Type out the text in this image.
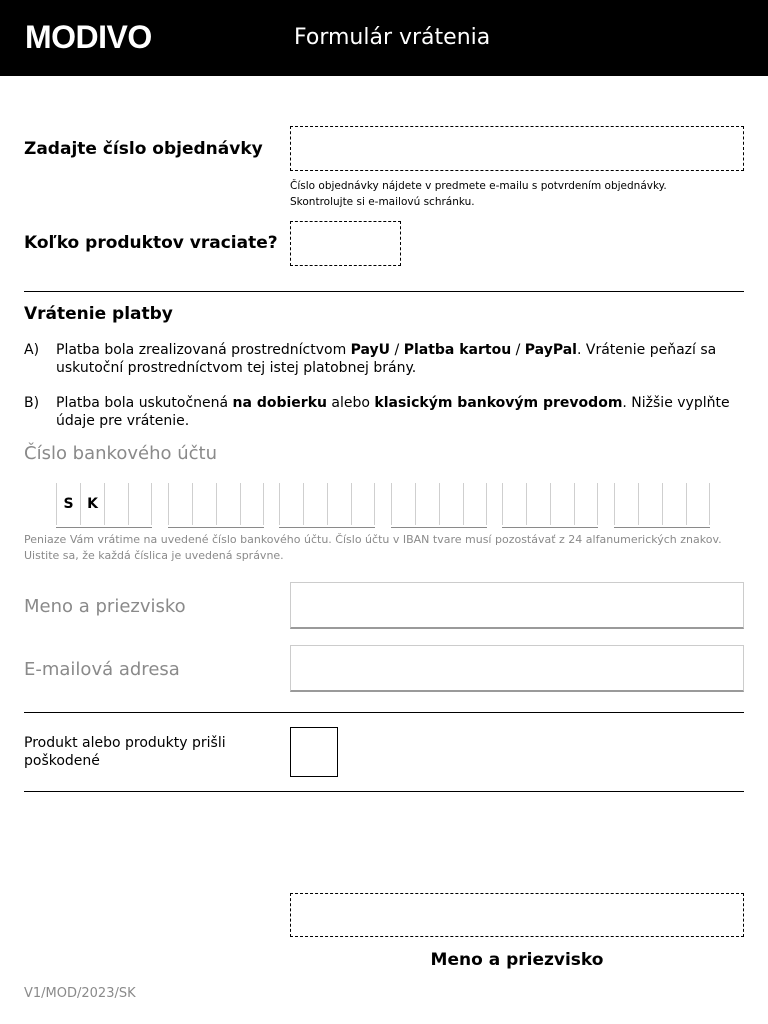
MODIVO	Formulár vrátenia
Zadajte číslo objednávky
Číslo objednávky nájdete v predmete e-mailu s potvrdením objednávky.
Skontrolujte si e-mailovú schránku.
Koľko produktov vraciate?
Vrátenie platby
A) Platba bola zrealizovaná prostredníctvom PayU / Platba kartou / PayPal. Vrátenie peňazí sa uskutoční prostredníctvom tej istej platobnej brány.
B) Platba bola uskutočnená na dobierku alebo klasickým bankovým prevodom. Nižšie vyplňte údaje pre vrátenie.
Číslo bankového účtu
S K
Peniaze Vám vrátime na uvedené číslo bankového účtu. Číslo účtu v IBAN tvare musí pozostávať z 24 alfanumerických znakov. Uistite sa, že každá číslica je uvedená správne.
Meno a priezvisko
E-mailová adresa
Produkt alebo produkty prišli poškodené
Meno a priezvisko
V1/MOD/2023/SK
